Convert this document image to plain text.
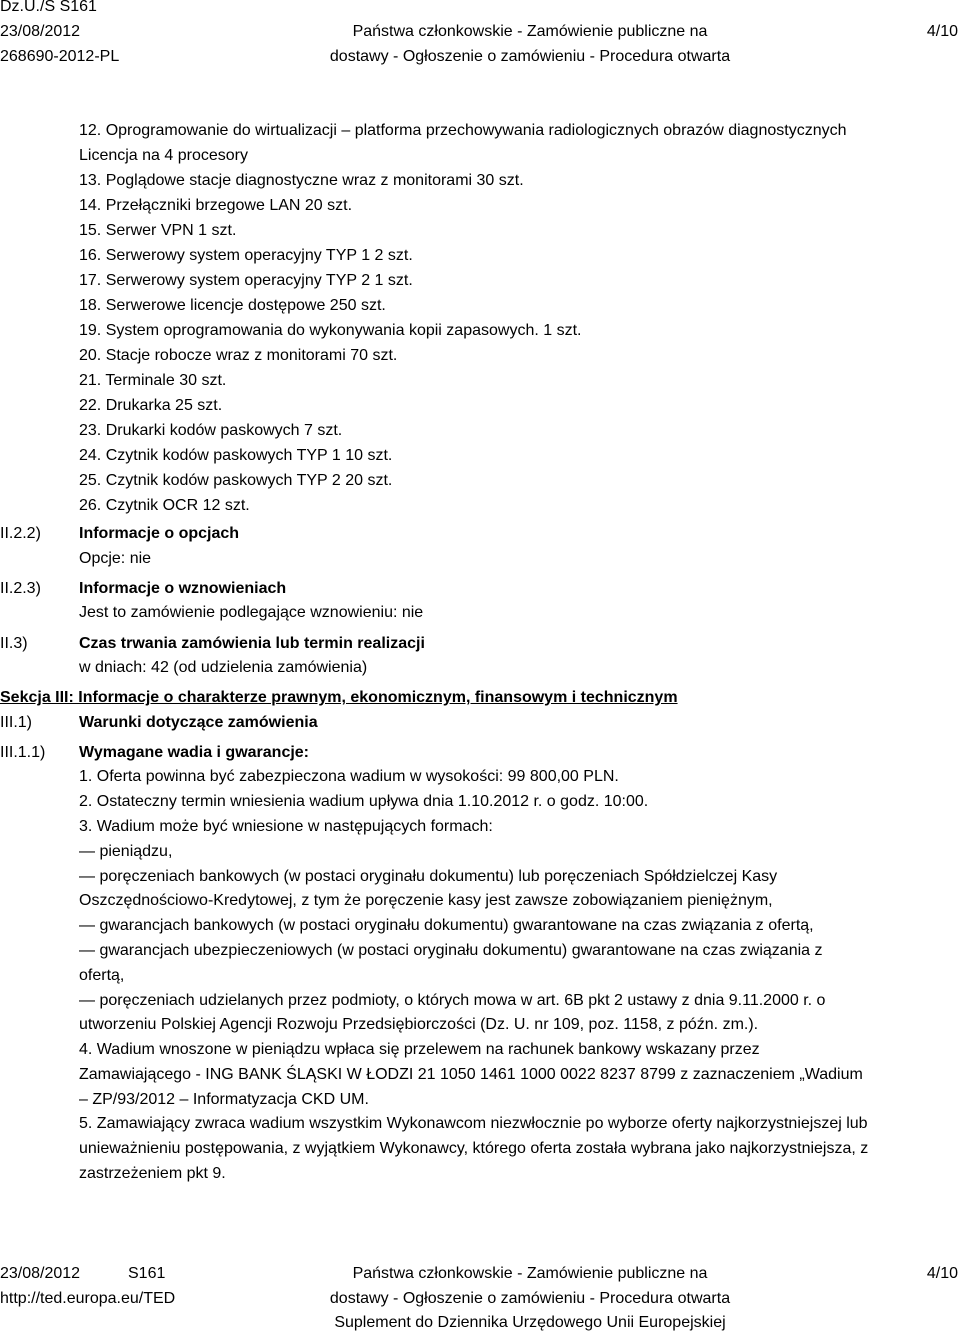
Dz.U./S S161
23/08/2012
268690-2012-PL
Państwa członkowskie - Zamówienie publiczne na
dostawy - Ogłoszenie o zamówieniu - Procedura otwarta
4/10
12. Oprogramowanie do wirtualizacji – platforma przechowywania radiologicznych obrazów diagnostycznych
Licencja na 4 procesory
13. Poglądowe stacje diagnostyczne wraz z monitorami 30 szt.
14. Przełączniki brzegowe LAN 20 szt.
15. Serwer VPN 1 szt.
16. Serwerowy system operacyjny TYP 1 2 szt.
17. Serwerowy system operacyjny TYP 2 1 szt.
18. Serwerowe licencje dostępowe 250 szt.
19. System oprogramowania do wykonywania kopii zapasowych. 1 szt.
20. Stacje robocze wraz z monitorami 70 szt.
21. Terminale 30 szt.
22. Drukarka 25 szt.
23. Drukarki kodów paskowych 7 szt.
24. Czytnik kodów paskowych TYP 1 10 szt.
25. Czytnik kodów paskowych TYP 2 20 szt.
26. Czytnik OCR 12 szt.
II.2.2) Informacje o opcjach
Opcje: nie
II.2.3) Informacje o wznowieniach
Jest to zamówienie podlegające wznowieniu: nie
II.3)	Czas trwania zamówienia lub termin realizacji
w dniach: 42 (od udzielenia zamówienia)
Sekcja III: Informacje o charakterze prawnym, ekonomicznym, finansowym i technicznym
III.1)	Warunki dotyczące zamówienia
III.1.1) Wymagane wadia i gwarancje:
1. Oferta powinna być zabezpieczona wadium w wysokości: 99 800,00 PLN.
2. Ostateczny termin wniesienia wadium upływa dnia 1.10.2012 r. o godz. 10:00.
3. Wadium może być wniesione w następujących formach:
— pieniądzu,
— poręczeniach bankowych (w postaci oryginału dokumentu) lub poręczeniach Spółdzielczej Kasy
Oszczędnościowo-Kredytowej, z tym że poręczenie kasy jest zawsze zobowiązaniem pieniężnym,
— gwarancjach bankowych (w postaci oryginału dokumentu) gwarantowane na czas związania z ofertą,
— gwarancjach ubezpieczeniowych (w postaci oryginału dokumentu) gwarantowane na czas związania z
ofertą,
— poręczeniach udzielanych przez podmioty, o których mowa w art. 6B pkt 2 ustawy z dnia 9.11.2000 r. o
utworzeniu Polskiej Agencji Rozwoju Przedsiębiorczości (Dz. U. nr 109, poz. 1158, z późn. zm.).
4. Wadium wnoszone w pieniądzu wpłaca się przelewem na rachunek bankowy wskazany przez
Zamawiającego - ING BANK ŚLĄSKI W ŁODZI 21 1050 1461 1000 0022 8237 8799 z zaznaczeniem „Wadium
– ZP/93/2012 – Informatyzacja CKD UM.
5. Zamawiający zwraca wadium wszystkim Wykonawcom niezwłocznie po wyborze oferty najkorzystniejszej lub
unieważnieniu postępowania, z wyjątkiem Wykonawcy, którego oferta została wybrana jako najkorzystniejsza, z
zastrzeżeniem pkt 9.
23/08/2012	S161
http://ted.europa.eu/TED
Państwa członkowskie - Zamówienie publiczne na
dostawy - Ogłoszenie o zamówieniu - Procedura otwarta
Suplement do Dziennika Urzędowego Unii Europejskiej
4/10
